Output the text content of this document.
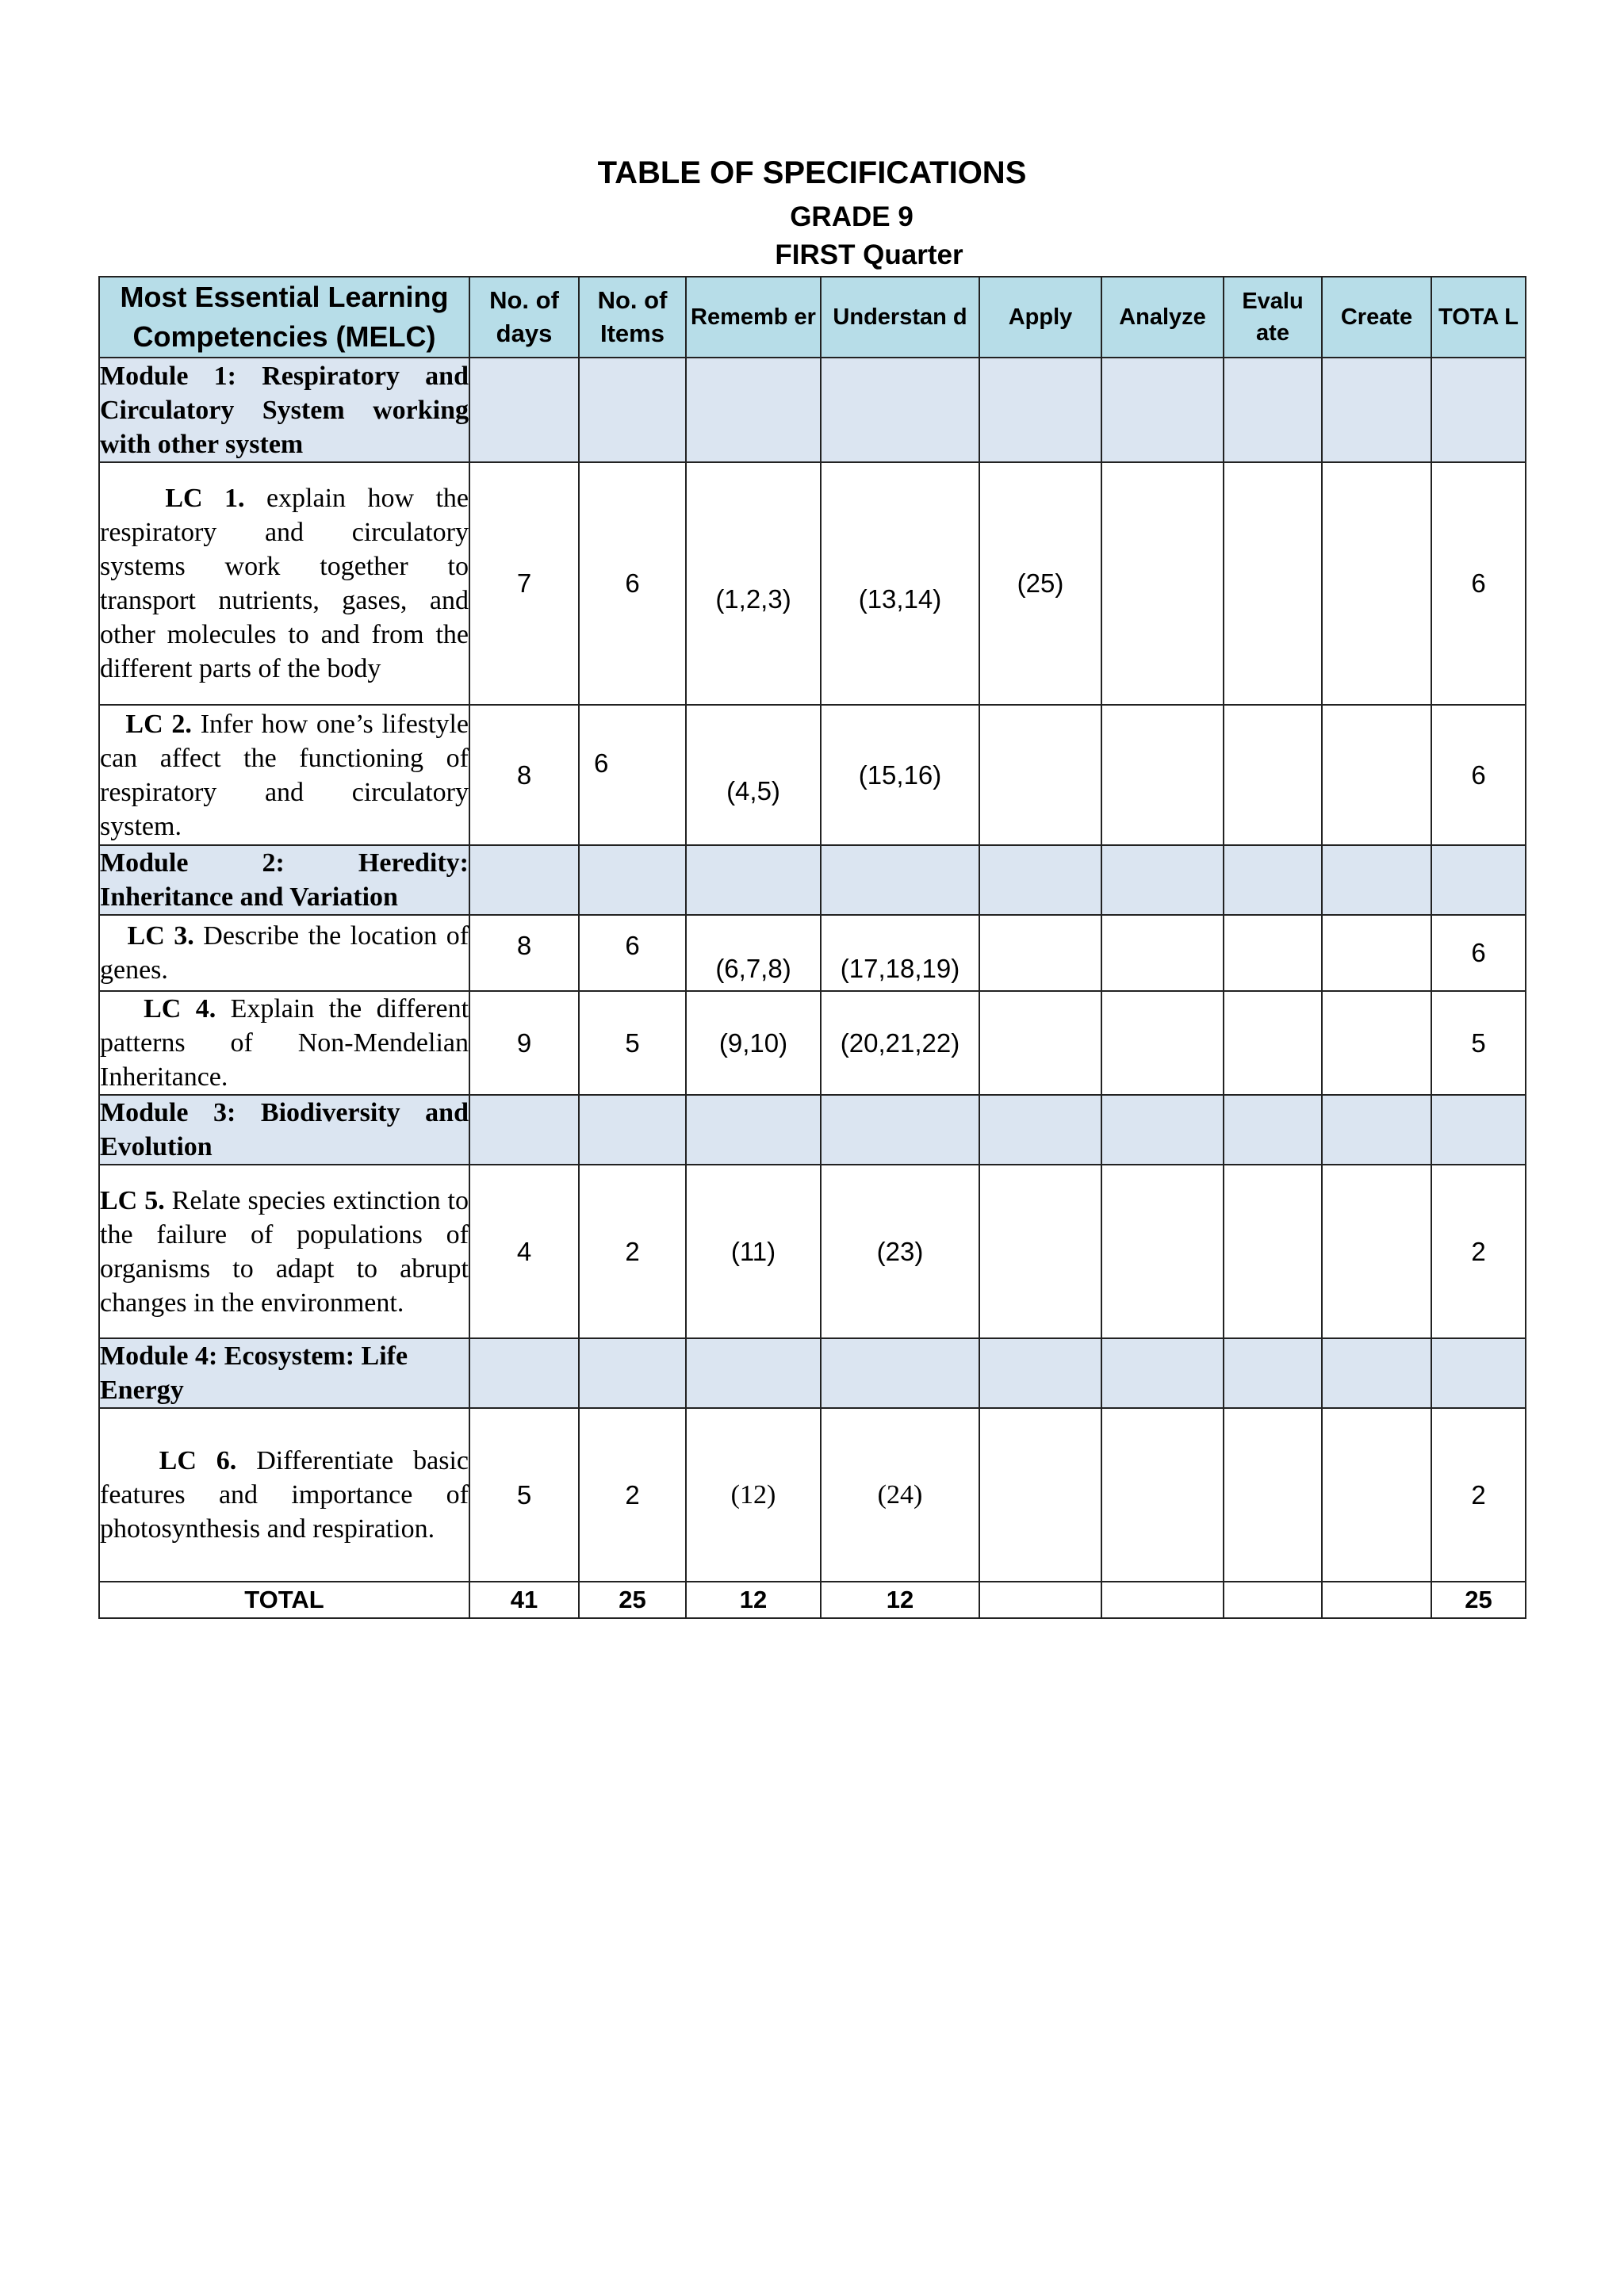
TABLE OF SPECIFICATIONS
GRADE 9
FIRST Quarter
Most Essential Learning Competencies (MELC)	No. of days	No. of Items	Rememb er	Understan d	Apply	Analyze	Evalu ate	Create	TOTA L
Module 1: Respiratory and Circulatory System working with other system									
LC 1. explain how the respiratory and circulatory systems work together to transport nutrients, gases, and other molecules to and from the different parts of the body	7	6	(1,2,3)	(13,14)	(25)				6
LC 2. Infer how one’s lifestyle can affect the functioning of respiratory and circulatory system.	8	6	(4,5)	(15,16)					6
Module 2: Heredity: Inheritance and Variation									
LC 3. Describe the location of genes.	8	6	(6,7,8)	(17,18,19)					6
LC 4. Explain the different patterns of Non-Mendelian Inheritance.	9	5	(9,10)	(20,21,22)					5
Module 3: Biodiversity and Evolution									
LC 5. Relate species extinction to the failure of populations of organisms to adapt to abrupt changes in the environment.	4	2	(11)	(23)					2
Module 4: Ecosystem: Life Energy									
LC 6. Differentiate basic features and importance of photosynthesis and respiration.	5	2	(12)	(24)					2
TOTAL	41	25	12	12					25
